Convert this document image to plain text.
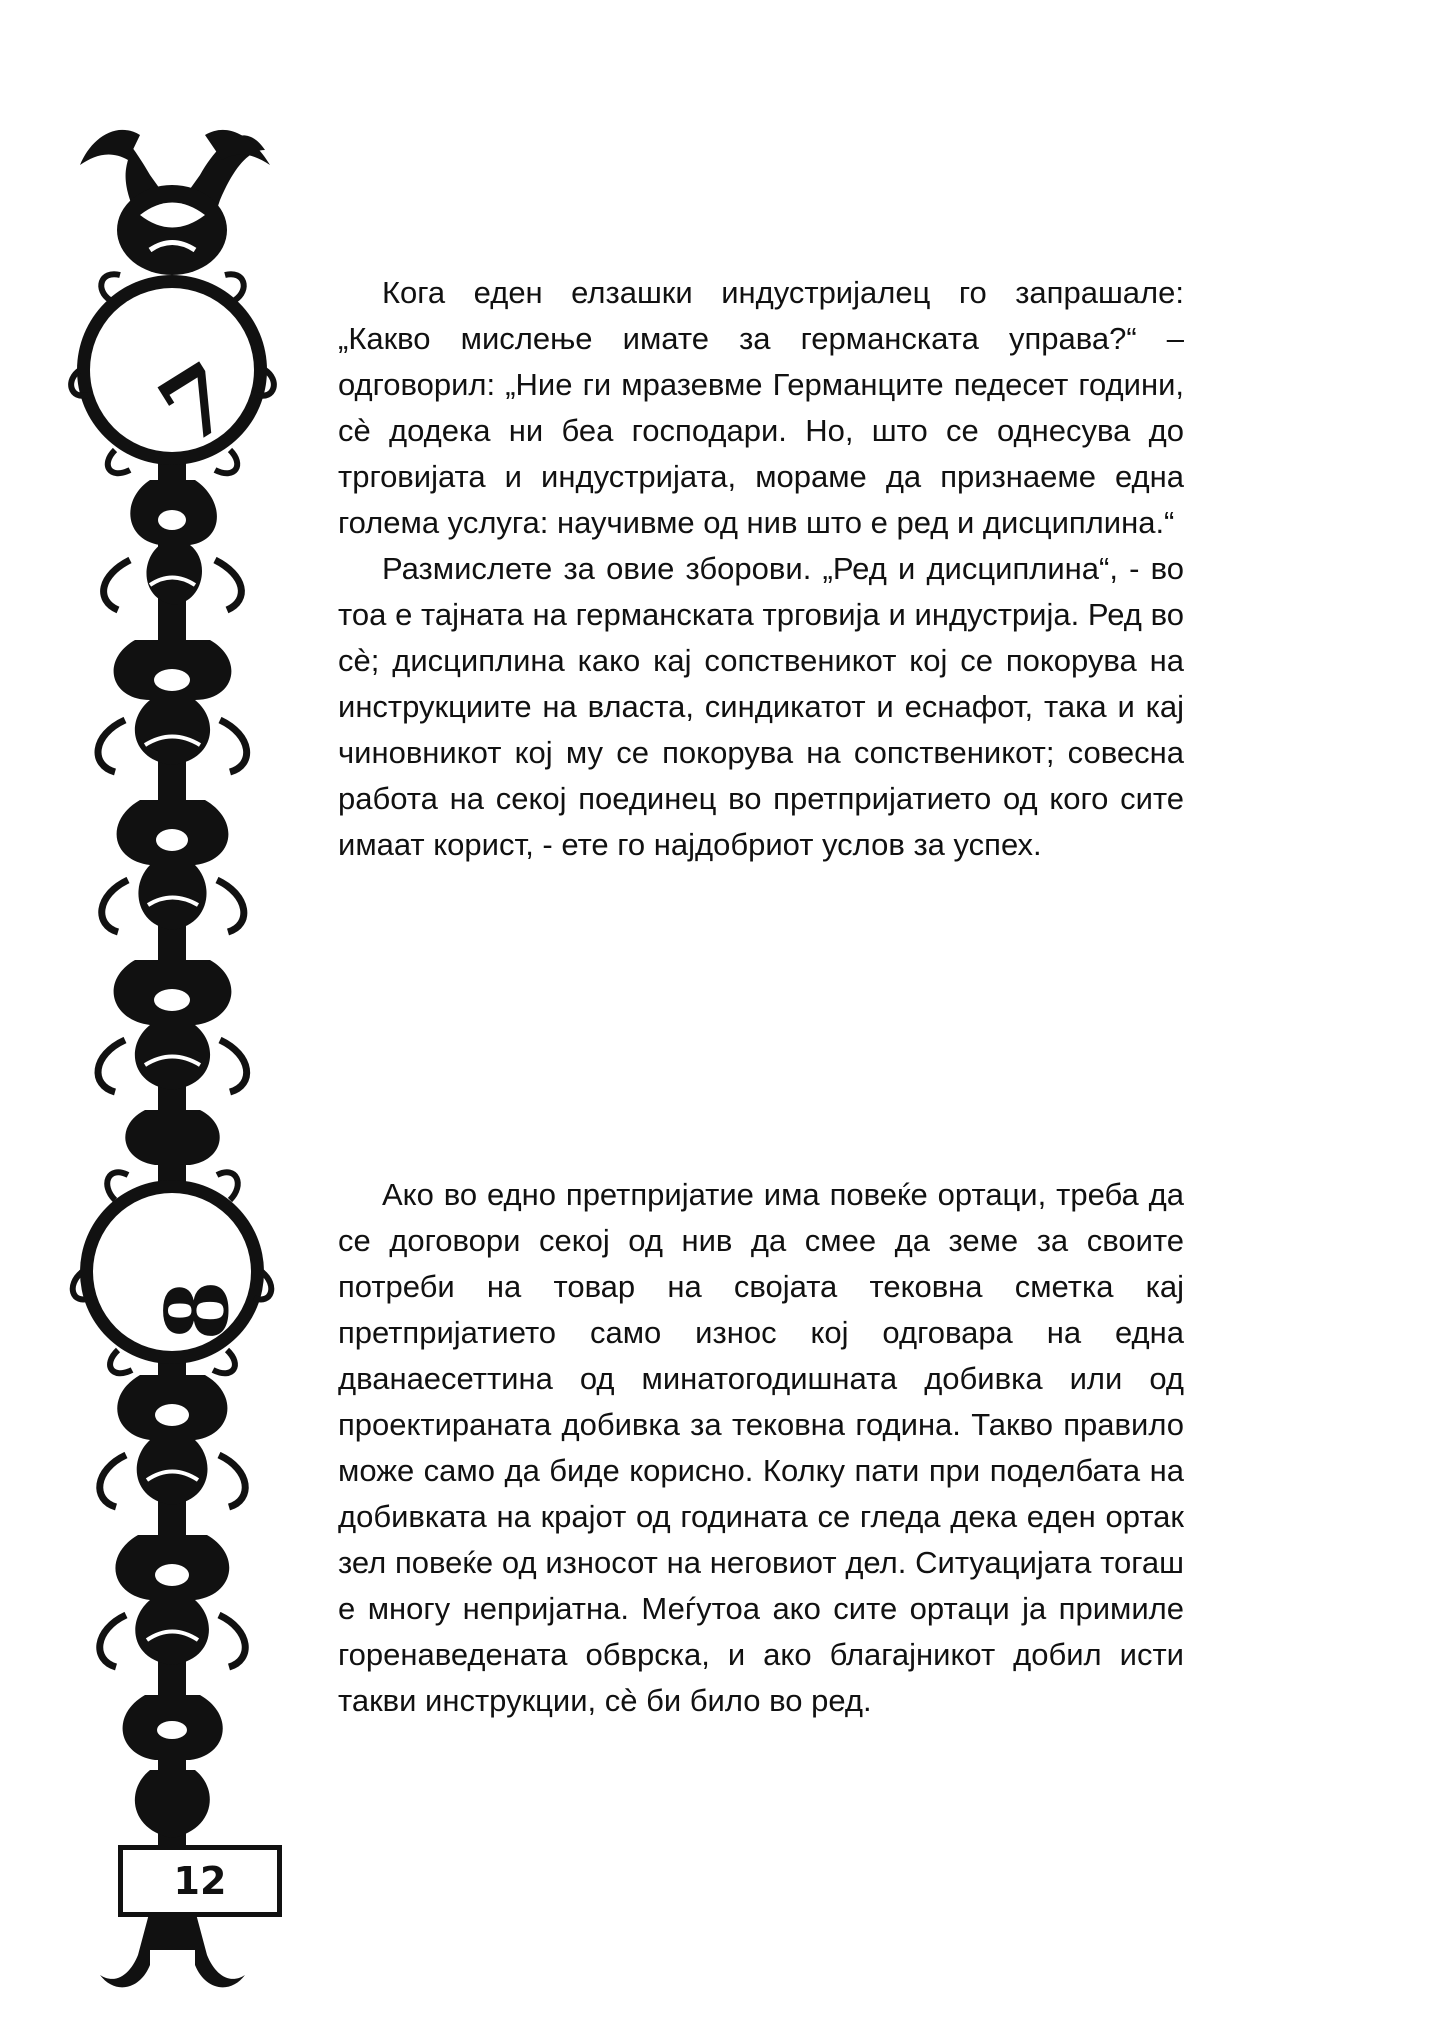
7
8
12

Кога еден елзашки индустријалец го запрашале: „Какво мислење имате за германската управа?“ – одговорил: „Ние ги мразевме Германците педесет години, сè додека ни беа господари. Но, што се однесува до трговијата и индустријата, мораме да признаеме една голема услуга: научивме од нив што е ред и дисциплина.“

Размислете за овие зборови. „Ред и дисциплина“, - во тоа е тајната на германската трговија и индустрија. Ред во сè; дисциплина како кај сопственикот кој се покорува на инструкциите на власта, синдикатот и еснафот, така и кај чиновникот кој му се покорува на сопственикот; совесна работа на секој поединец во претпријатието од кого сите имаат корист, - ете го најдобриот услов за успех.

Ако во едно претпријатие има повеќе ортаци, треба да се договори секој од нив да смее да земе за своите потреби на товар на својата тековна сметка кај претпријатието само износ кој одговара на една дванаесеттина од минатогодишната добивка или од проектираната добивка за тековна година. Такво правило може само да биде корисно. Колку пати при поделбата на добивката на крајот од годината се гледа дека еден ортак зел повеќе од износот на неговиот дел. Ситуацијата тогаш е многу непријатна. Меѓутоа ако сите ортаци ја примиле горенаведената обврска, и ако благајникот добил исти такви инструкции, сè би било во ред.
